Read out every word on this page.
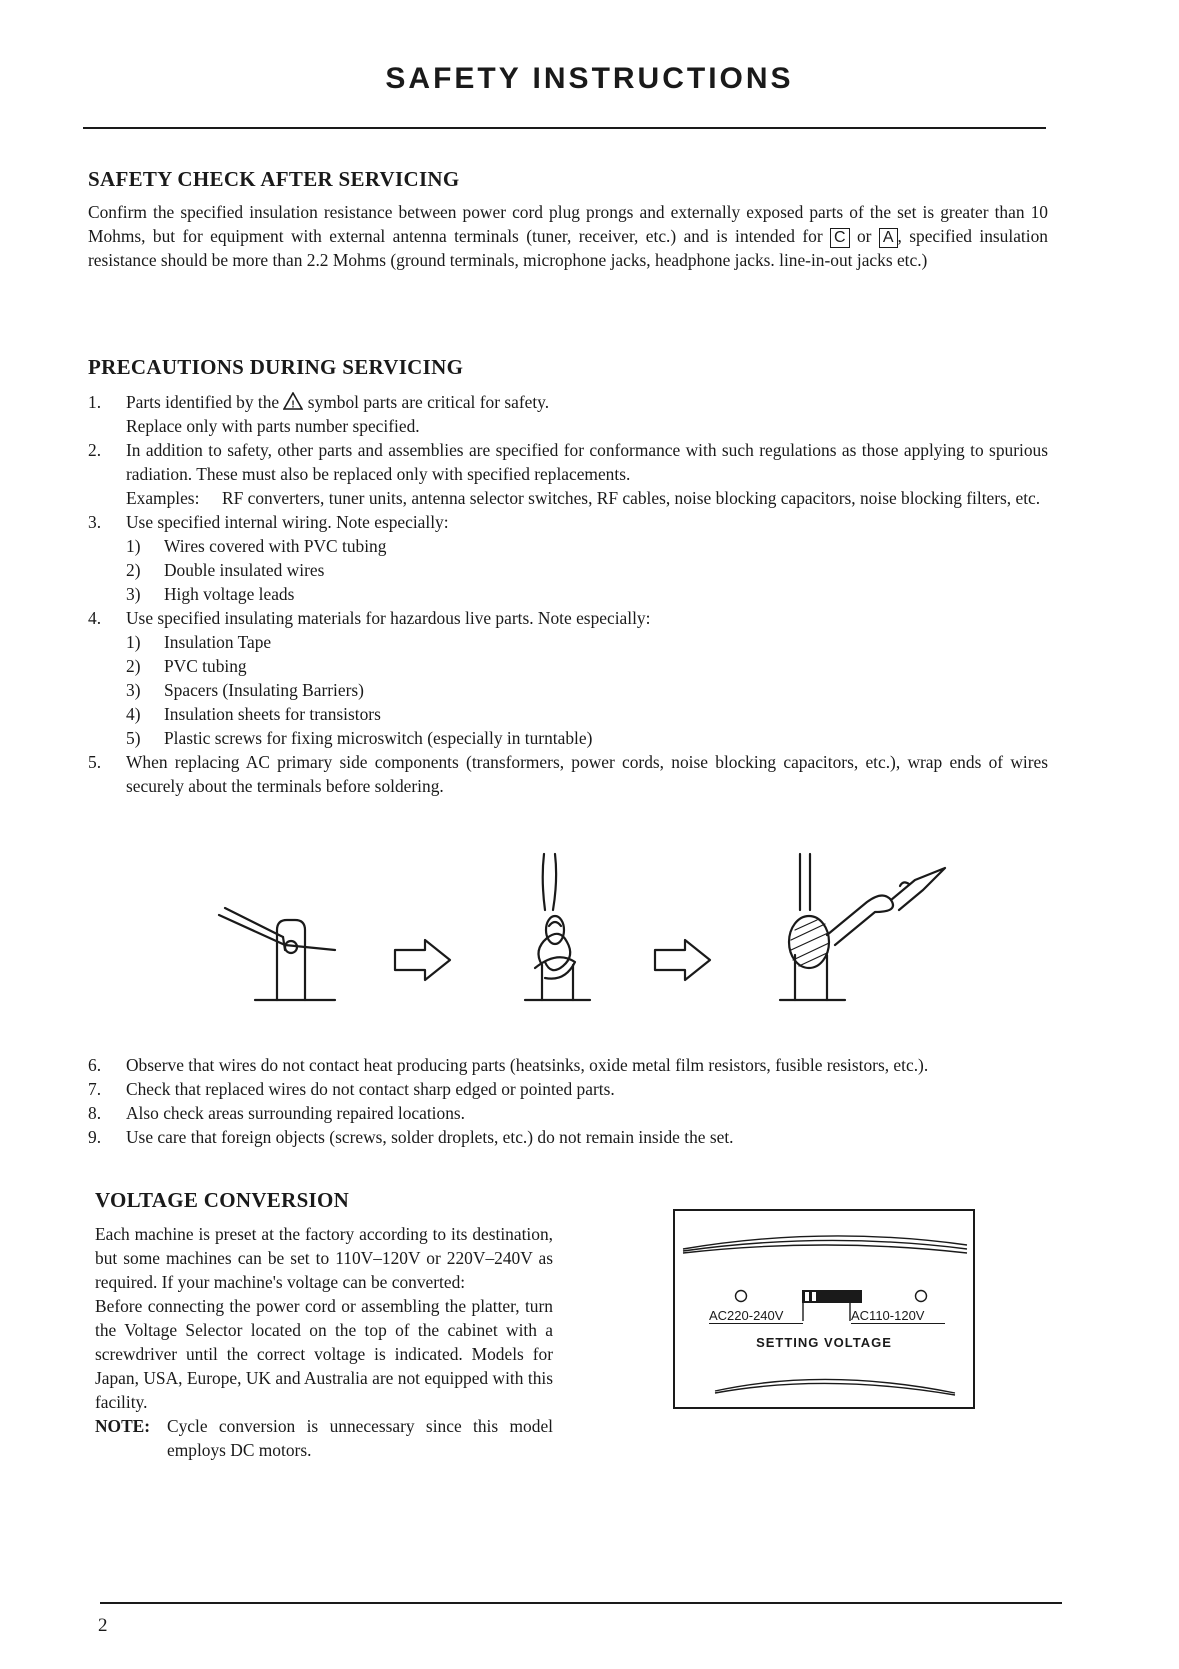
SAFETY INSTRUCTIONS
SAFETY CHECK AFTER SERVICING

Confirm the specified insulation resistance between power cord plug prongs and externally exposed parts of the set is greater than 10 Mohms, but for equipment with external antenna terminals (tuner, receiver, etc.) and is intended for C or A , specified insulation resistance should be more than 2.2 Mohms (ground terminals, microphone jacks, headphone jacks. line-in-out jacks etc.)

PRECAUTIONS DURING SERVICING
1. Parts identified by the ! symbol parts are critical for safety.
Replace only with parts number specified.
2. In addition to safety, other parts and assemblies are specified for conformance with such regulations as those applying to spurious radiation. These must also be replaced only with specified replacements.
Examples: RF converters, tuner units, antenna selector switches, RF cables, noise blocking capacitors, noise blocking filters, etc.
3. Use specified internal wiring. Note especially:
1) Wires covered with PVC tubing
2) Double insulated wires
3) High voltage leads
4. Use specified insulating materials for hazardous live parts. Note especially:
1) Insulation Tape
2) PVC tubing
3) Spacers (Insulating Barriers)
4) Insulation sheets for transistors
5) Plastic screws for fixing microswitch (especially in turntable)
5. When replacing AC primary side components (transformers, power cords, noise blocking capacitors, etc.), wrap ends of wires securely about the terminals before soldering.
6. Observe that wires do not contact heat producing parts (heatsinks, oxide metal film resistors, fusible resistors, etc.).
7. Check that replaced wires do not contact sharp edged or pointed parts.
8. Also check areas surrounding repaired locations.
9. Use care that foreign objects (screws, solder droplets, etc.) do not remain inside the set.
VOLTAGE CONVERSION
Each machine is preset at the factory according to its destination, but some machines can be set to 110V–120V or 220V–240V as required. If your machine's voltage can be converted:
Before connecting the power cord or assembling the platter, turn the Voltage Selector located on the top of the cabinet with a screwdriver until the correct voltage is indicated. Models for Japan, USA, Europe, UK and Australia are not equipped with this facility.
NOTE: Cycle conversion is unnecessary since this model employs DC motors.
AC220-240V	AC110-120V
SETTING VOLTAGE
2
